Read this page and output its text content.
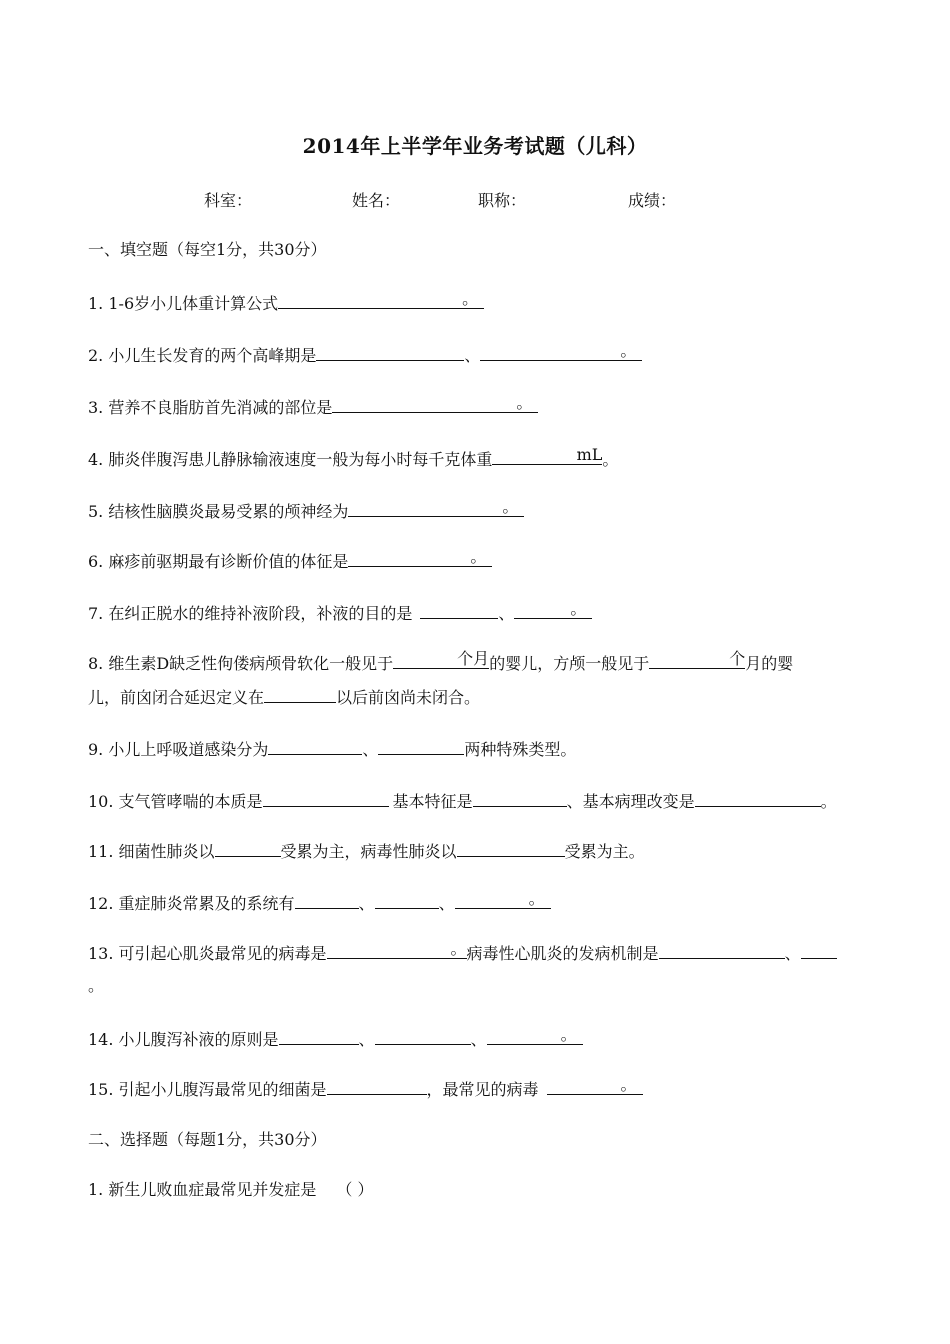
2014年上半学年业务考试题（儿科）
科室：	姓名：	职称：	成绩：
一、填空题（每空1分，共30分）
1. 1-6岁小儿体重计算公式	。
2. 小儿生长发育的两个高峰期是	、	。
3. 营养不良脂肪首先消减的部位是	。
4. 肺炎伴腹泻患儿静脉输液速度一般为每小时每千克体重	mL 。
5. 结核性脑膜炎最易受累的颅神经为	。
6. 麻疹前驱期最有诊断价值的体征是	。
7. 在纠正脱水的维持补液阶段，补液的目的是	、	。
8. 维生素D缺乏性佝偻病颅骨软化一般见于	个月 的婴儿，方颅一般见于	个 月的婴
儿，前囟闭合延迟定义在	以后前囟尚未闭合。
9. 小儿上呼吸道感染分为	、	两种特殊类型。
10. 支气管哮喘的本质是	基本特征是	、基本病理改变是	。
11. 细菌性肺炎以	受累为主，病毒性肺炎以	受累为主。
12. 重症肺炎常累及的系统有	、	、	。
13. 可引起心肌炎最常见的病毒是	。 病毒性心肌炎的发病机制是	、
。
14. 小儿腹泻补液的原则是	、	、	。
15. 引起小儿腹泻最常见的细菌是	，最常见的病毒	。
二、选择题（每题1分，共30分）
1. 新生儿败血症最常见并发症是 （ ）
